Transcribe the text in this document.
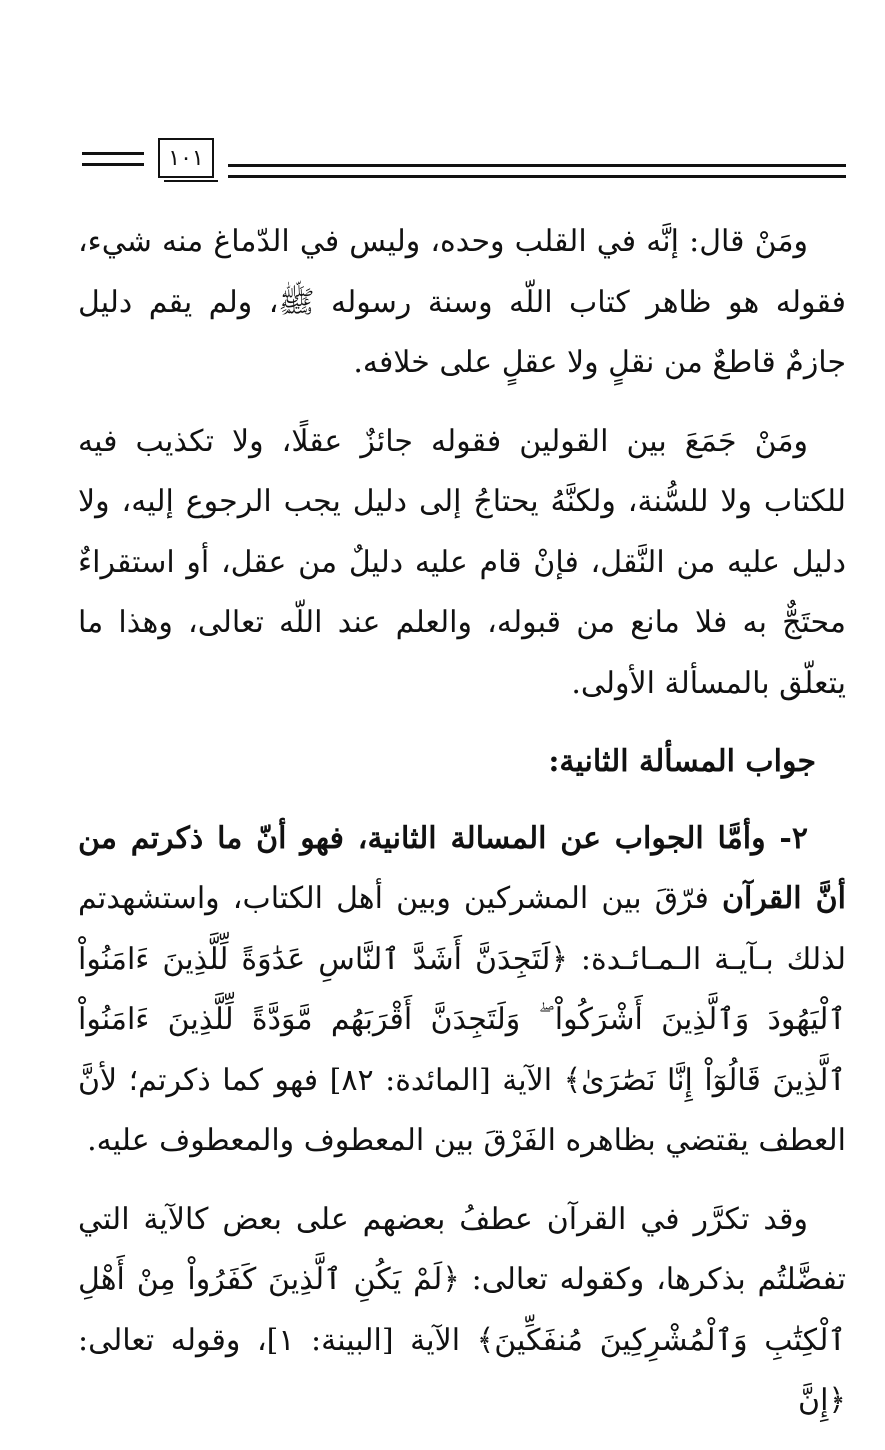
١٠١

ومَنْ قال: إنَّه في القلب وحده، وليس في الدّماغ منه شيء، فقوله هو ظاهر كتاب اللّه وسنة رسوله ﷺ، ولم يقم دليل جازمٌ قاطعٌ من نقلٍ ولا عقلٍ على خلافه.

ومَنْ جَمَعَ بين القولين فقوله جائزٌ عقلًا، ولا تكذيب فيه للكتاب ولا للسُّنة، ولكنَّهُ يحتاجُ إلى دليل يجب الرجوع إليه، ولا دليل عليه من النَّقل، فإنْ قام عليه دليلٌ من عقل، أو استقراءٌ محتَجٌّ به فلا مانع من قبوله، والعلم عند اللّه تعالى، وهذا ما يتعلّق بالمسألة الأولى.

جواب المسألة الثانية:

٢- وأمَّا الجواب عن المسالة الثانية، فهو أنّ ما ذكرتم من أنَّ القرآن فرّقَ بين المشركين وبين أهل الكتاب، واستشهدتم لذلك بـآيـة الـمـائـدة: ﴿لَتَجِدَنَّ أَشَدَّ ٱلنَّاسِ عَدَٰوَةً لِّلَّذِينَ ءَامَنُواْ ٱلْيَهُودَ وَٱلَّذِينَ أَشْرَكُواْ ۖ وَلَتَجِدَنَّ أَقْرَبَهُم مَّوَدَّةً لِّلَّذِينَ ءَامَنُواْ ٱلَّذِينَ قَالُوٓاْ إِنَّا نَصَٰرَىٰ﴾ الآية [المائدة: ٨٢] فهو كما ذكرتم؛ لأنَّ العطف يقتضي بظاهره الفَرْقَ بين المعطوف والمعطوف عليه.

وقد تكرَّر في القرآن عطفُ بعضهم على بعض كالآية التي تفضَّلتُم بذكرها، وكقوله تعالى: ﴿لَمْ يَكُنِ ٱلَّذِينَ كَفَرُواْ مِنْ أَهْلِ ٱلْكِتَٰبِ وَٱلْمُشْرِكِينَ مُنفَكِّينَ﴾ الآية [البينة: ١]، وقوله تعالى: ﴿إِنَّ
